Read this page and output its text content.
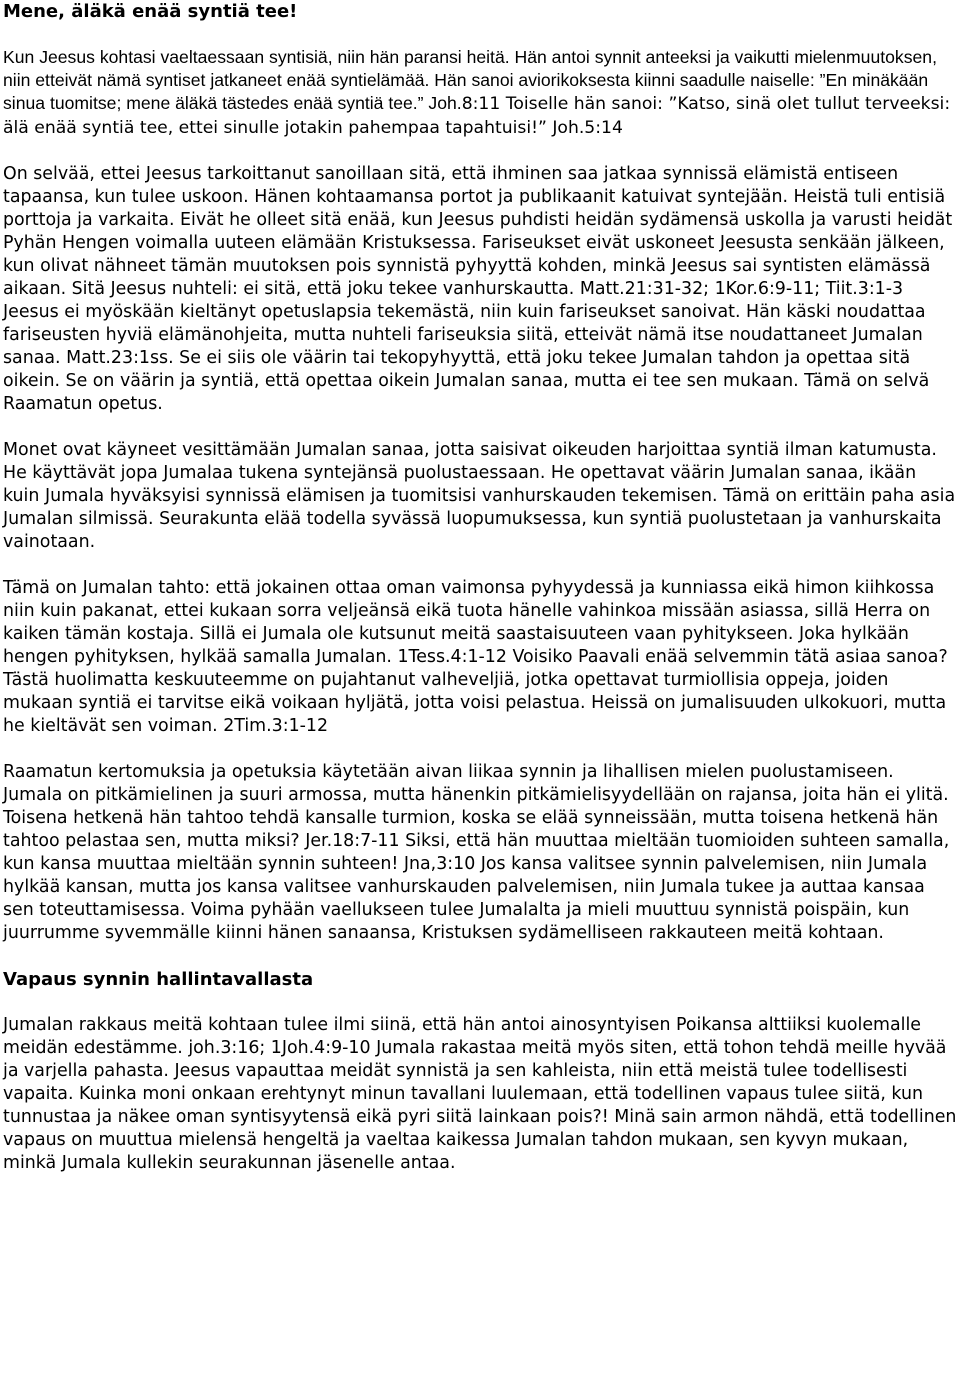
Mene, äläkä enää syntiä tee!

Kun Jeesus kohtasi vaeltaessaan syntisiä, niin hän paransi heitä. Hän antoi synnit anteeksi ja vaikutti mielenmuutoksen, niin etteivät nämä syntiset jatkaneet enää syntielämää. Hän sanoi aviorikoksesta kiinni saadulle naiselle: ”En minäkään sinua tuomitse; mene äläkä tästedes enää syntiä tee.” Joh.8:11 Toiselle hän sanoi: ”Katso, sinä olet tullut terveeksi: älä enää syntiä tee, ettei sinulle jotakin pahempaa tapahtuisi!” Joh.5:14

On selvää, ettei Jeesus tarkoittanut sanoillaan sitä, että ihminen saa jatkaa synnissä elämistä entiseen tapaansa, kun tulee uskoon. Hänen kohtaamansa portot ja publikaanit katuivat syntejään. Heistä tuli entisiä porttoja ja varkaita. Eivät he olleet sitä enää, kun Jeesus puhdisti heidän sydämensä uskolla ja varusti heidät Pyhän Hengen voimalla uuteen elämään Kristuksessa. Fariseukset eivät uskoneet Jeesusta senkään jälkeen, kun olivat nähneet tämän muutoksen pois synnistä pyhyyttä kohden, minkä Jeesus sai syntisten elämässä aikaan. Sitä Jeesus nuhteli: ei sitä, että joku tekee vanhurskautta. Matt.21:31-32; 1Kor.6:9-11; Tiit.3:1-3 Jeesus ei myöskään kieltänyt opetuslapsia tekemästä, niin kuin fariseukset sanoivat. Hän käski noudattaa fariseusten hyviä elämänohjeita, mutta nuhteli fariseuksia siitä, etteivät nämä itse noudattaneet Jumalan sanaa. Matt.23:1ss. Se ei siis ole väärin tai tekopyhyyttä, että joku tekee Jumalan tahdon ja opettaa sitä oikein. Se on väärin ja syntiä, että opettaa oikein Jumalan sanaa, mutta ei tee sen mukaan. Tämä on selvä Raamatun opetus.

Monet ovat käyneet vesittämään Jumalan sanaa, jotta saisivat oikeuden harjoittaa syntiä ilman katumusta. He käyttävät jopa Jumalaa tukena syntejänsä puolustaessaan. He opettavat väärin Jumalan sanaa, ikään kuin Jumala hyväksyisi synnissä elämisen ja tuomitsisi vanhurskauden tekemisen. Tämä on erittäin paha asia Jumalan silmissä. Seurakunta elää todella syvässä luopumuksessa, kun syntiä puolustetaan ja vanhurskaita vainotaan.

Tämä on Jumalan tahto: että jokainen ottaa oman vaimonsa pyhyydessä ja kunniassa eikä himon kiihkossa niin kuin pakanat, ettei kukaan sorra veljeänsä eikä tuota hänelle vahinkoa missään asiassa, sillä Herra on kaiken tämän kostaja. Sillä ei Jumala ole kutsunut meitä saastaisuuteen vaan pyhitykseen. Joka hylkään hengen pyhityksen, hylkää samalla Jumalan. 1Tess.4:1-12 Voisiko Paavali enää selvemmin tätä asiaa sanoa? Tästä huolimatta keskuuteemme on pujahtanut valheveljiä, jotka opettavat turmiollisia oppeja, joiden mukaan syntiä ei tarvitse eikä voikaan hyljätä, jotta voisi pelastua. Heissä on jumalisuuden ulkokuori, mutta he kieltävät sen voiman. 2Tim.3:1-12

Raamatun kertomuksia ja opetuksia käytetään aivan liikaa synnin ja lihallisen mielen puolustamiseen. Jumala on pitkämielinen ja suuri armossa, mutta hänenkin pitkämielisyydellään on rajansa, joita hän ei ylitä. Toisena hetkenä hän tahtoo tehdä kansalle turmion, koska se elää synneissään, mutta toisena hetkenä hän tahtoo pelastaa sen, mutta miksi? Jer.18:7-11 Siksi, että hän muuttaa mieltään tuomioiden suhteen samalla, kun kansa muuttaa mieltään synnin suhteen! Jna,3:10 Jos kansa valitsee synnin palvelemisen, niin Jumala hylkää kansan, mutta jos kansa valitsee vanhurskauden palvelemisen, niin Jumala tukee ja auttaa kansaa sen toteuttamisessa. Voima pyhään vaellukseen tulee Jumalalta ja mieli muuttuu synnistä poispäin, kun juurrumme syvemmälle kiinni hänen sanaansa, Kristuksen sydämelliseen rakkauteen meitä kohtaan.

Vapaus synnin hallintavallasta

Jumalan rakkaus meitä kohtaan tulee ilmi siinä, että hän antoi ainosyntyisen Poikansa alttiiksi kuolemalle meidän edestämme. joh.3:16; 1Joh.4:9-10 Jumala rakastaa meitä myös siten, että tohon tehdä meille hyvää ja varjella pahasta. Jeesus vapauttaa meidät synnistä ja sen kahleista, niin että meistä tulee todellisesti vapaita. Kuinka moni onkaan erehtynyt minun tavallani luulemaan, että todellinen vapaus tulee siitä, kun tunnustaa ja näkee oman syntisyytensä eikä pyri siitä lainkaan pois?! Minä sain armon nähdä, että todellinen vapaus on muuttua mielensä hengeltä ja vaeltaa kaikessa Jumalan tahdon mukaan, sen kyvyn mukaan, minkä Jumala kullekin seurakunnan jäsenelle antaa.
